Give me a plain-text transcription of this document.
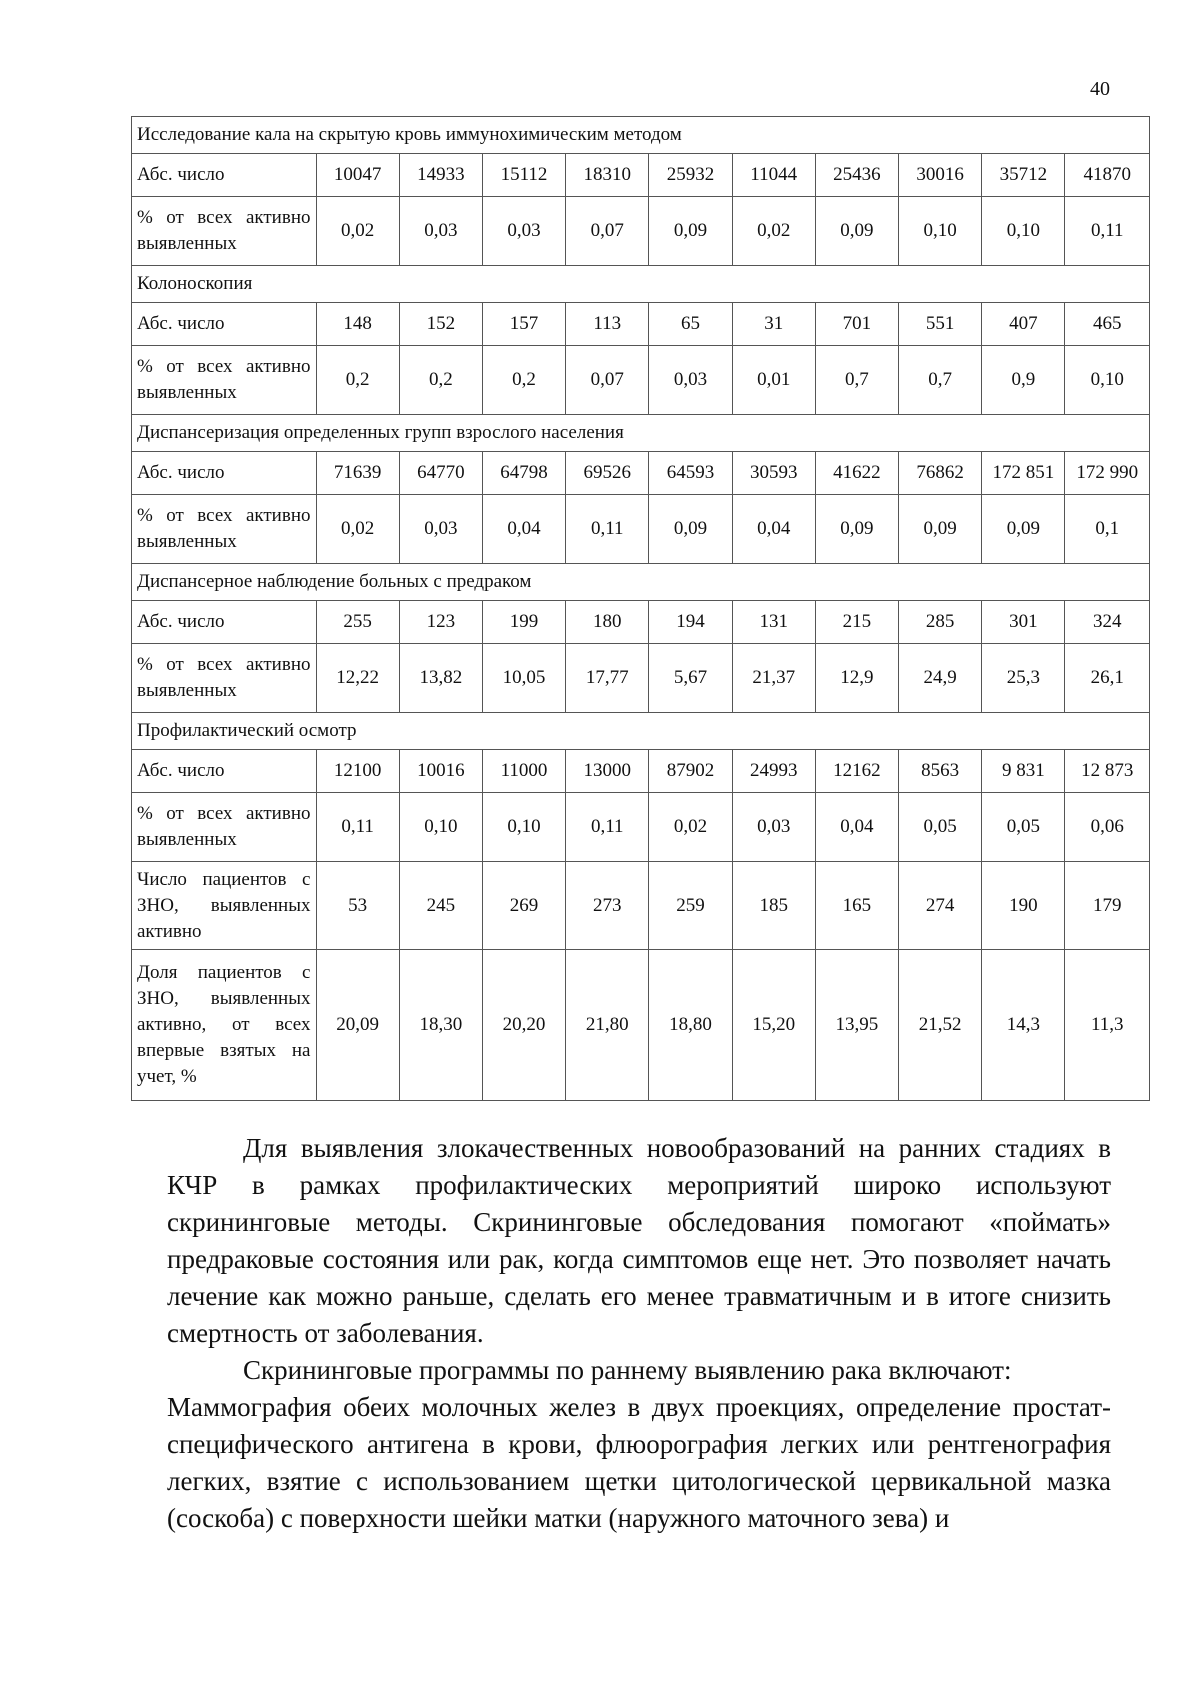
40
Исследование кала на скрытую кровь иммунохимическим методом										
Абс. число	10047	14933	15112	18310	25932	11044	25436	30016	35712	41870
% от всех активно выявленных	0,02	0,03	0,03	0,07	0,09	0,02	0,09	0,10	0,10	0,11
Колоноскопия										
Абс. число	148	152	157	113	65	31	701	551	407	465
% от всех активно выявленных	0,2	0,2	0,2	0,07	0,03	0,01	0,7	0,7	0,9	0,10
Диспансеризация определенных групп взрослого населения										
Абс. число	71639	64770	64798	69526	64593	30593	41622	76862	172 851	172 990
% от всех активно выявленных	0,02	0,03	0,04	0,11	0,09	0,04	0,09	0,09	0,09	0,1
Диспансерное наблюдение больных с предраком										
Абс. число	255	123	199	180	194	131	215	285	301	324
% от всех активно выявленных	12,22	13,82	10,05	17,77	5,67	21,37	12,9	24,9	25,3	26,1
Профилактический осмотр										
Абс. число	12100	10016	11000	13000	87902	24993	12162	8563	9 831	12 873
% от всех активно выявленных	0,11	0,10	0,10	0,11	0,02	0,03	0,04	0,05	0,05	0,06
Число пациентов с ЗНО, выявленных активно	53	245	269	273	259	185	165	274	190	179
Доля пациентов с ЗНО, выявленных активно, от всех впервые взятых на учет, %	20,09	18,30	20,20	21,80	18,80	15,20	13,95	21,52	14,3	11,3

Для выявления злокачественных новообразований на ранних стадиях в КЧР в рамках профилактических мероприятий широко используют скрининговые методы. Скрининговые обследования помогают «поймать» предраковые состояния или рак, когда симптомов еще нет. Это позволяет начать лечение как можно раньше, сделать его менее травматичным и в итоге снизить смертность от заболевания.

Скрининговые программы по раннему выявлению рака включают:

Маммография обеих молочных желез в двух проекциях, определение простат-специфического антигена в крови, флюорография легких или рентгенография легких, взятие с использованием щетки цитологической цервикальной мазка (соскоба) с поверхности шейки матки (наружного маточного зева) и
